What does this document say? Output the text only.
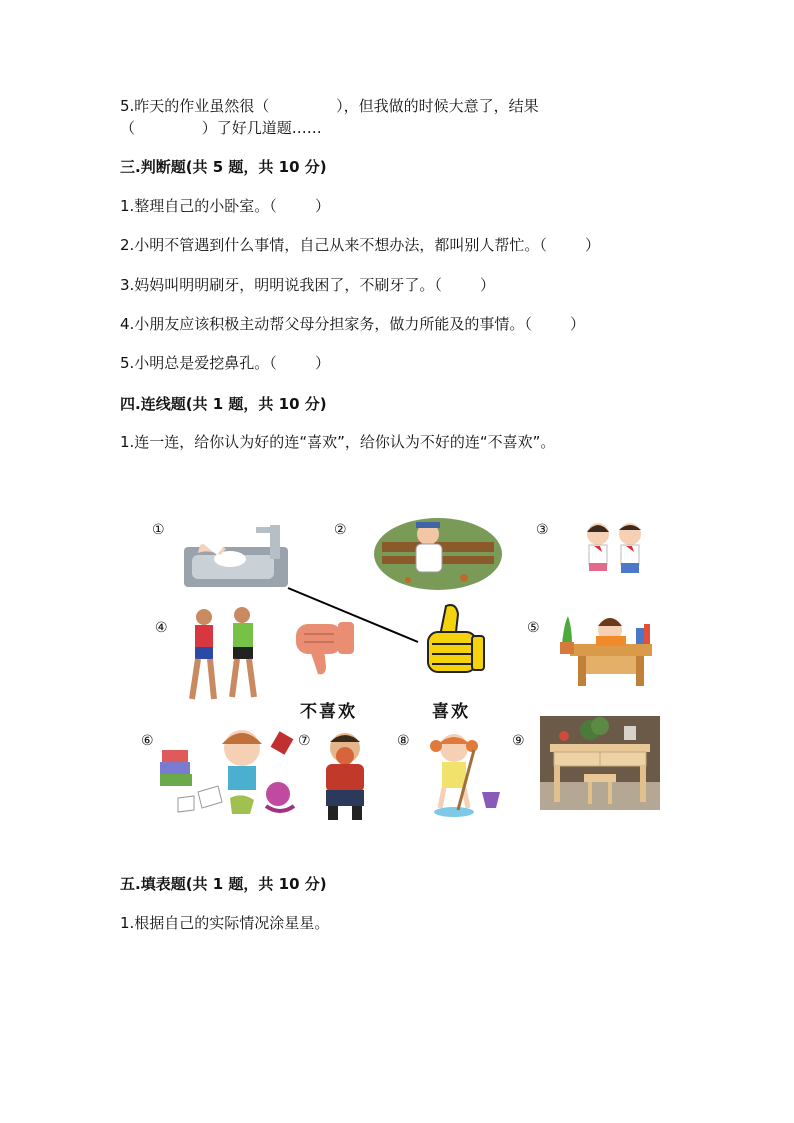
5.昨天的作业虽然很（              ），但我做的时候大意了，结果
（              ）了好几道题……
三.判断题(共 5 题，共 10 分)
1.整理自己的小卧室。（        ）
2.小明不管遇到什么事情，自己从来不想办法，都叫别人帮忙。（        ）
3.妈妈叫明明刷牙，明明说我困了，不刷牙了。（        ）
4.小朋友应该积极主动帮父母分担家务，做力所能及的事情。（        ）
5.小明总是爱挖鼻孔。（        ）
四.连线题(共 1 题，共 10 分)
1.连一连，给你认为好的连“喜欢”，给你认为不好的连“不喜欢”。
①	②	③
④	⑤
⑥	⑦	⑧	⑨
不喜欢	喜欢
五.填表题(共 1 题，共 10 分)
1.根据自己的实际情况涂星星。
